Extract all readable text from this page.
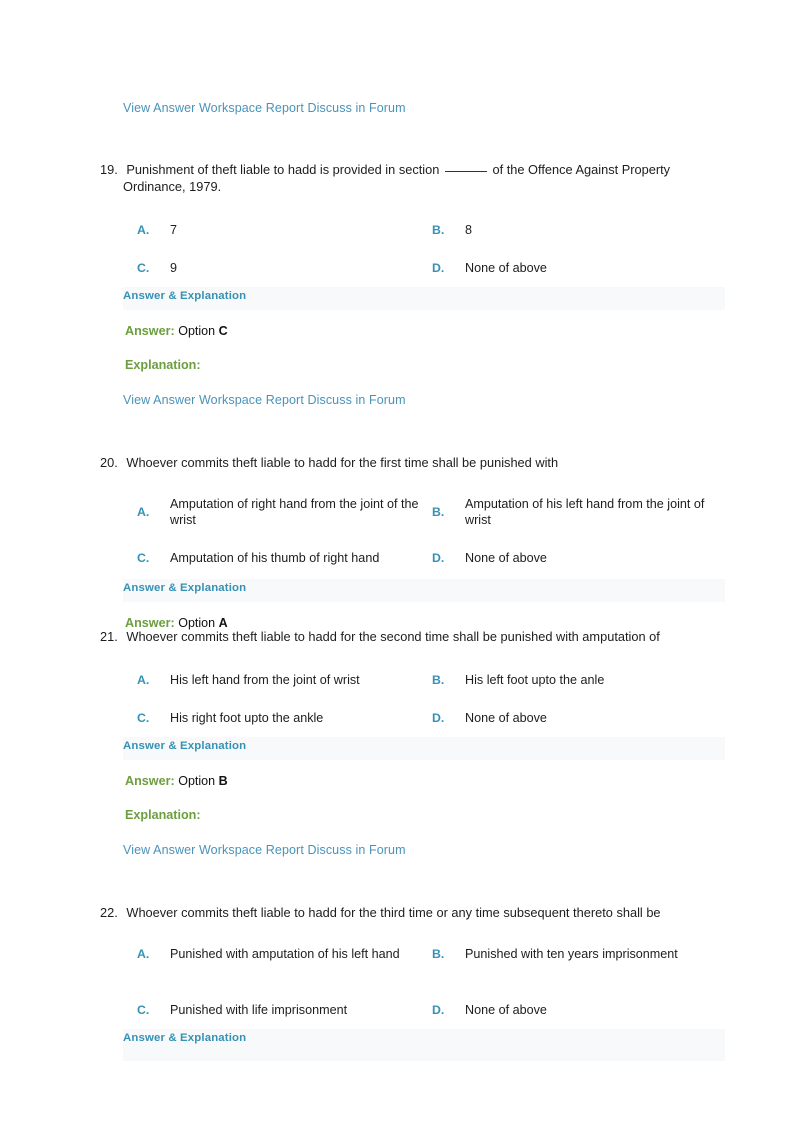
View Answer Workspace Report Discuss in Forum
19. Punishment of theft liable to hadd is provided in section	of the Offence Against Property Ordinance, 1979.
A.	7	B.	8
C.	9	D.	None of above
Answer & Explanation
Answer: Option C
Explanation:
View Answer Workspace Report Discuss in Forum
20. Whoever commits theft liable to hadd for the first time shall be punished with
A.
Amputation of right hand from the joint of the wrist
B.
Amputation of his left hand from the joint of wrist
C.	Amputation of his thumb of right hand	D.	None of above
Answer & Explanation
Answer: Option A
21. Whoever commits theft liable to hadd for the second time shall be punished with amputation of
A.	His left hand from the joint of wrist	B.	His left foot upto the anle
C.	His right foot upto the ankle	D.	None of above
Answer & Explanation
Answer: Option B
Explanation:
View Answer Workspace Report Discuss in Forum
22. Whoever commits theft liable to hadd for the third time or any time subsequent thereto shall be
A.	Punished with amputation of his left hand	B.	Punished with ten years imprisonment
C.	Punished with life imprisonment	D.	None of above
Answer & Explanation
